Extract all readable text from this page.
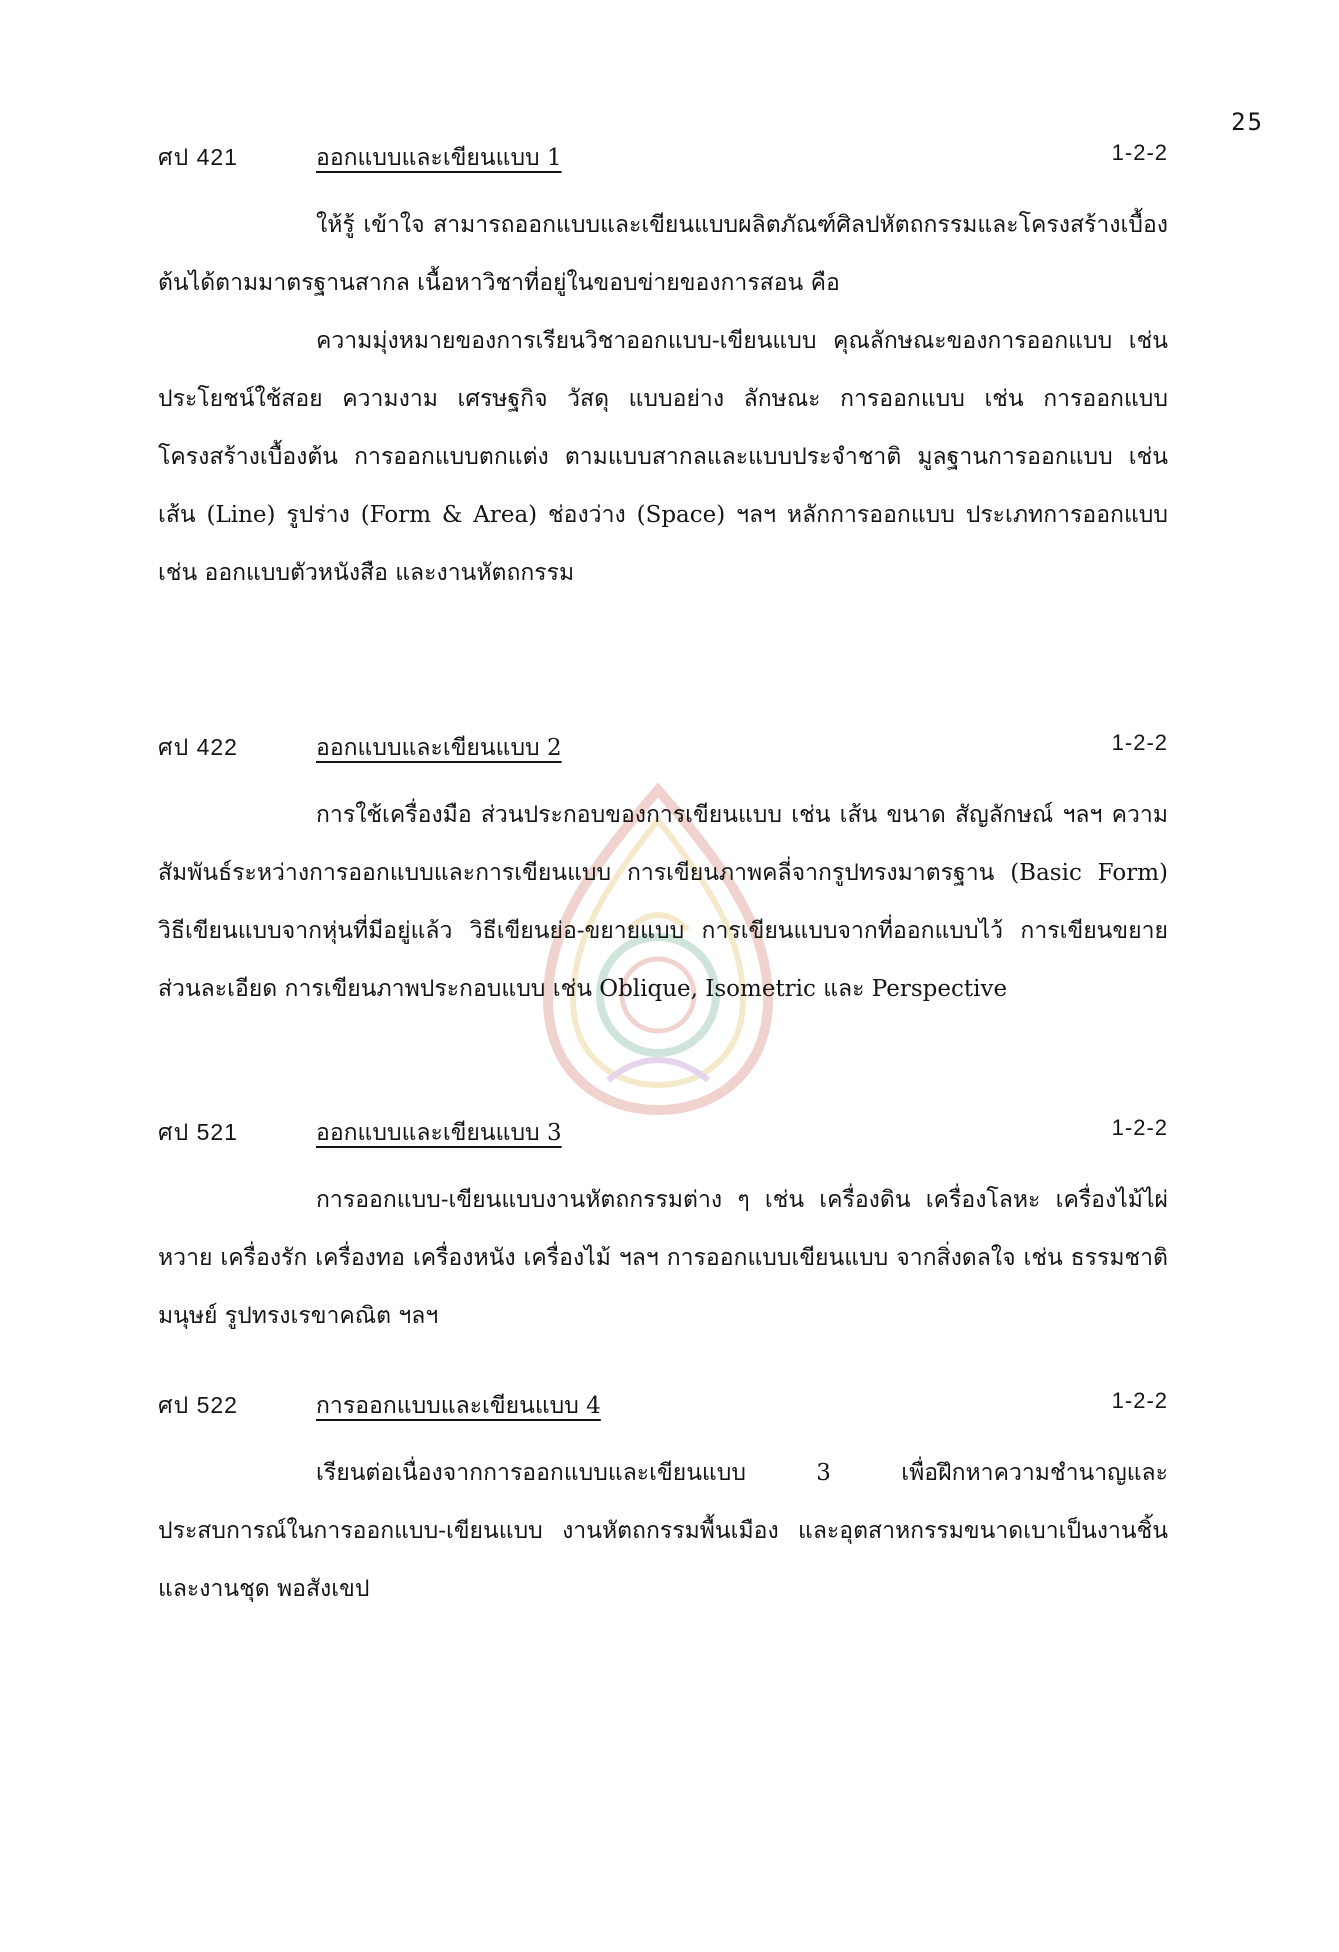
25
ศป 421	ออกแบบและเขียนแบบ 1	1-2-2

ให้รู้ เข้าใจ สามารถออกแบบและเขียนแบบผลิตภัณฑ์ศิลปหัตถกรรมและโครงสร้างเบื้องต้นได้ตามมาตรฐานสากล เนื้อหาวิชาที่อยู่ในขอบข่ายของการสอน คือ

ความมุ่งหมายของการเรียนวิชาออกแบบ-เขียนแบบ คุณลักษณะของการออกแบบ เช่น ประโยชน์ใช้สอย ความงาม เศรษฐกิจ วัสดุ แบบอย่าง ลักษณะ การออกแบบ เช่น การออกแบบโครงสร้างเบื้องต้น การออกแบบตกแต่ง ตามแบบสากลและแบบประจำชาติ มูลฐานการออกแบบ เช่น เส้น (Line) รูปร่าง (Form & Area) ช่องว่าง (Space) ฯลฯ หลักการออกแบบ ประเภทการออกแบบ เช่น ออกแบบตัวหนังสือ และงานหัตถกรรม

ศป 422	ออกแบบและเขียนแบบ 2	1-2-2

การใช้เครื่องมือ ส่วนประกอบของการเขียนแบบ เช่น เส้น ขนาด สัญลักษณ์ ฯลฯ ความสัมพันธ์ระหว่างการออกแบบและการเขียนแบบ การเขียนภาพคลี่จากรูปทรงมาตรฐาน (Basic Form) วิธีเขียนแบบจากหุ่นที่มีอยู่แล้ว วิธีเขียนย่อ-ขยายแบบ การเขียนแบบจากที่ออกแบบไว้ การเขียนขยายส่วนละเอียด การเขียนภาพประกอบแบบ เช่น Oblique, Isometric และ Perspective

ศป 521	ออกแบบและเขียนแบบ 3	1-2-2

การออกแบบ-เขียนแบบงานหัตถกรรมต่าง ๆ เช่น เครื่องดิน เครื่องโลหะ เครื่องไม้ไผ่ หวาย เครื่องรัก เครื่องทอ เครื่องหนัง เครื่องไม้ ฯลฯ การออกแบบเขียนแบบ จากสิ่งดลใจ เช่น ธรรมชาติ มนุษย์ รูปทรงเรขาคณิต ฯลฯ

ศป 522	การออกแบบและเขียนแบบ 4	1-2-2

เรียนต่อเนื่องจากการออกแบบและเขียนแบบ 3 เพื่อฝึกหาความชำนาญและประสบการณ์ในการออกแบบ-เขียนแบบ งานหัตถกรรมพื้นเมือง และอุตสาหกรรมขนาดเบาเป็นงานชิ้นและงานชุด พอสังเขป
